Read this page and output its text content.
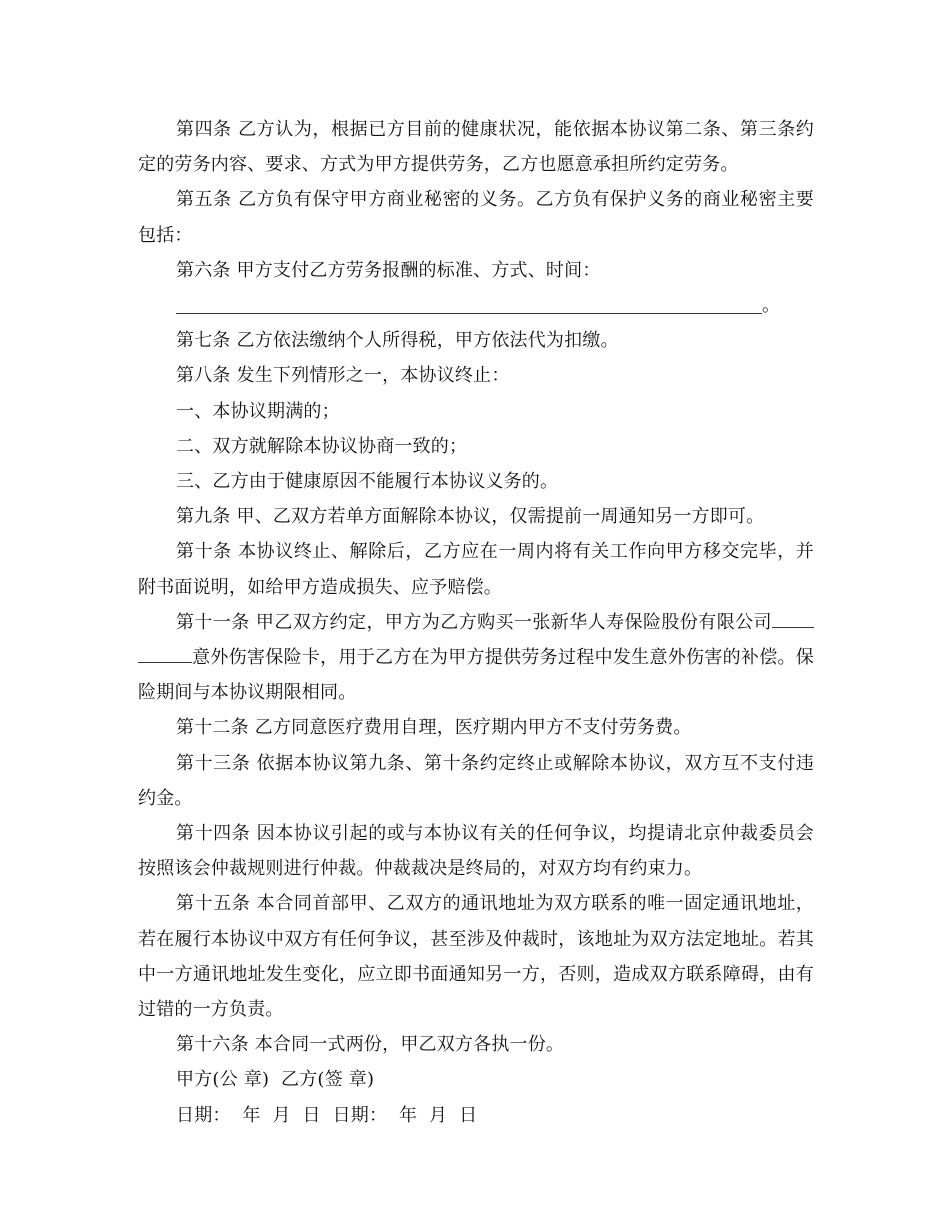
第四条 乙方认为，根据已方目前的健康状况，能依据本协议第二条、第三条约定的劳务内容、要求、方式为甲方提供劳务，乙方也愿意承担所约定劳务。

第五条 乙方负有保守甲方商业秘密的义务。乙方负有保护义务的商业秘密主要包括：

第六条 甲方支付乙方劳务报酬的标准、方式、时间：

。

第七条 乙方依法缴纳个人所得税，甲方依法代为扣缴。

第八条 发生下列情形之一，本协议终止：

一、本协议期满的；

二、双方就解除本协议协商一致的；

三、乙方由于健康原因不能履行本协议义务的。

第九条 甲、乙双方若单方面解除本协议，仅需提前一周通知另一方即可。

第十条 本协议终止、解除后，乙方应在一周内将有关工作向甲方移交完毕，并附书面说明，如给甲方造成损失、应予赔偿。

第十一条 甲乙双方约定，甲方为乙方购买一张新华人寿保险股份有限公司意外伤害保险卡，用于乙方在为甲方提供劳务过程中发生意外伤害的补偿。保险期间与本协议期限相同。

第十二条 乙方同意医疗费用自理，医疗期内甲方不支付劳务费。

第十三条 依据本协议第九条、第十条约定终止或解除本协议，双方互不支付违约金。

第十四条 因本协议引起的或与本协议有关的任何争议，均提请北京仲裁委员会按照该会仲裁规则进行仲裁。仲裁裁决是终局的，对双方均有约束力。

第十五条 本合同首部甲、乙双方的通讯地址为双方联系的唯一固定通讯地址，若在履行本协议中双方有任何争议，甚至涉及仲裁时，该地址为双方法定地址。若其中一方通讯地址发生变化，应立即书面通知另一方，否则，造成双方联系障碍，由有过错的一方负责。

第十六条 本合同一式两份，甲乙双方各执一份。

甲方(公 章)  乙方(签 章)

日期：  年  月  日  日期：  年  月  日
